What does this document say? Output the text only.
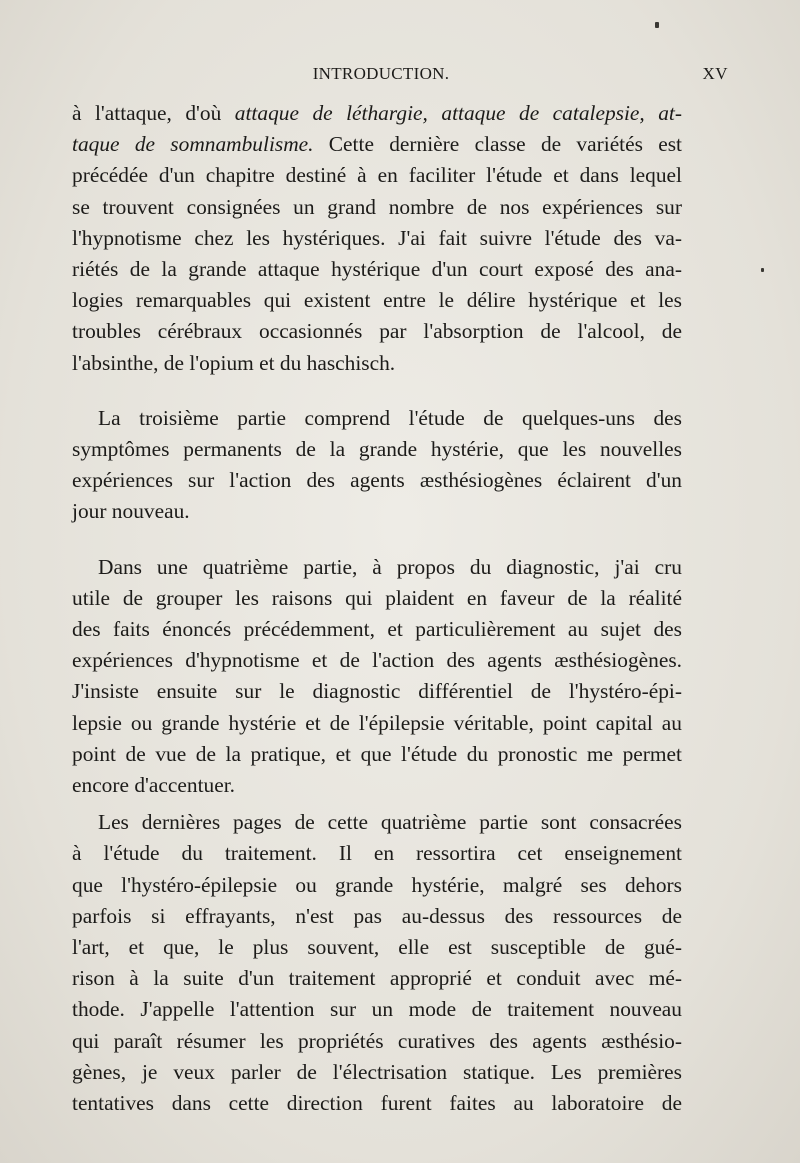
INTRODUCTION.	XV
à l'attaque, d'où attaque de léthargie, attaque de catalepsie, at-
taque de somnambulisme. Cette dernière classe de variétés est
précédée d'un chapitre destiné à en faciliter l'étude et dans lequel
se trouvent consignées un grand nombre de nos expériences sur
l'hypnotisme chez les hystériques. J'ai fait suivre l'étude des va-
riétés de la grande attaque hystérique d'un court exposé des ana-
logies remarquables qui existent entre le délire hystérique et les
troubles cérébraux occasionnés par l'absorption de l'alcool, de
l'absinthe, de l'opium et du haschisch.
La troisième partie comprend l'étude de quelques-uns des
symptômes permanents de la grande hystérie, que les nouvelles
expériences sur l'action des agents æsthésiogènes éclairent d'un
jour nouveau.
Dans une quatrième partie, à propos du diagnostic, j'ai cru
utile de grouper les raisons qui plaident en faveur de la réalité
des faits énoncés précédemment, et particulièrement au sujet des
expériences d'hypnotisme et de l'action des agents æsthésiogènes.
J'insiste ensuite sur le diagnostic différentiel de l'hystéro-épi-
lepsie ou grande hystérie et de l'épilepsie véritable, point capital au
point de vue de la pratique, et que l'étude du pronostic me permet
encore d'accentuer.
Les dernières pages de cette quatrième partie sont consacrées
à l'étude du traitement. Il en ressortira cet enseignement
que l'hystéro-épilepsie ou grande hystérie, malgré ses dehors
parfois si effrayants, n'est pas au-dessus des ressources de
l'art, et que, le plus souvent, elle est susceptible de gué-
rison à la suite d'un traitement approprié et conduit avec mé-
thode. J'appelle l'attention sur un mode de traitement nouveau
qui paraît résumer les propriétés curatives des agents æsthésio-
gènes, je veux parler de l'électrisation statique. Les premières
tentatives dans cette direction furent faites au laboratoire de
